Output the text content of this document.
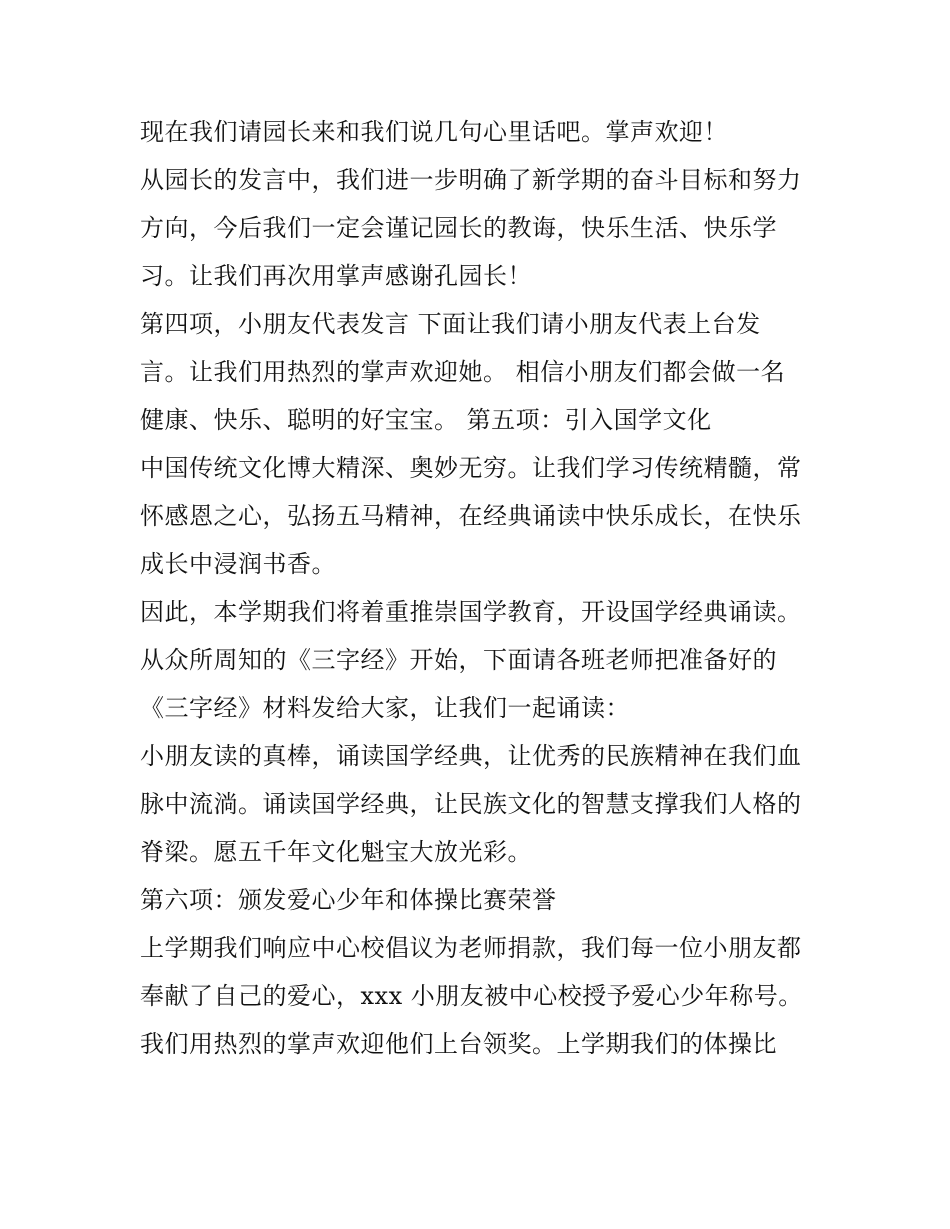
现在我们请园长来和我们说几句心里话吧。掌声欢迎！
从园长的发言中，我们进一步明确了新学期的奋斗目标和努力
方向，今后我们一定会谨记园长的教诲，快乐生活、快乐学
习。让我们再次用掌声感谢孔园长！
第四项，小朋友代表发言 下面让我们请小朋友代表上台发
言。让我们用热烈的掌声欢迎她。 相信小朋友们都会做一名
健康、快乐、聪明的好宝宝。 第五项：引入国学文化
中国传统文化博大精深、奥妙无穷。让我们学习传统精髓，常
怀感恩之心，弘扬五马精神，在经典诵读中快乐成长，在快乐
成长中浸润书香。
因此，本学期我们将着重推崇国学教育，开设国学经典诵读。
从众所周知的《三字经》开始，下面请各班老师把准备好的
《三字经》材料发给大家，让我们一起诵读：
小朋友读的真棒，诵读国学经典，让优秀的民族精神在我们血
脉中流淌。诵读国学经典，让民族文化的智慧支撑我们人格的
脊梁。愿五千年文化魁宝大放光彩。
第六项：颁发爱心少年和体操比赛荣誉
上学期我们响应中心校倡议为老师捐款，我们每一位小朋友都
奉献了自己的爱心，xxx 小朋友被中心校授予爱心少年称号。
我们用热烈的掌声欢迎他们上台领奖。上学期我们的体操比
